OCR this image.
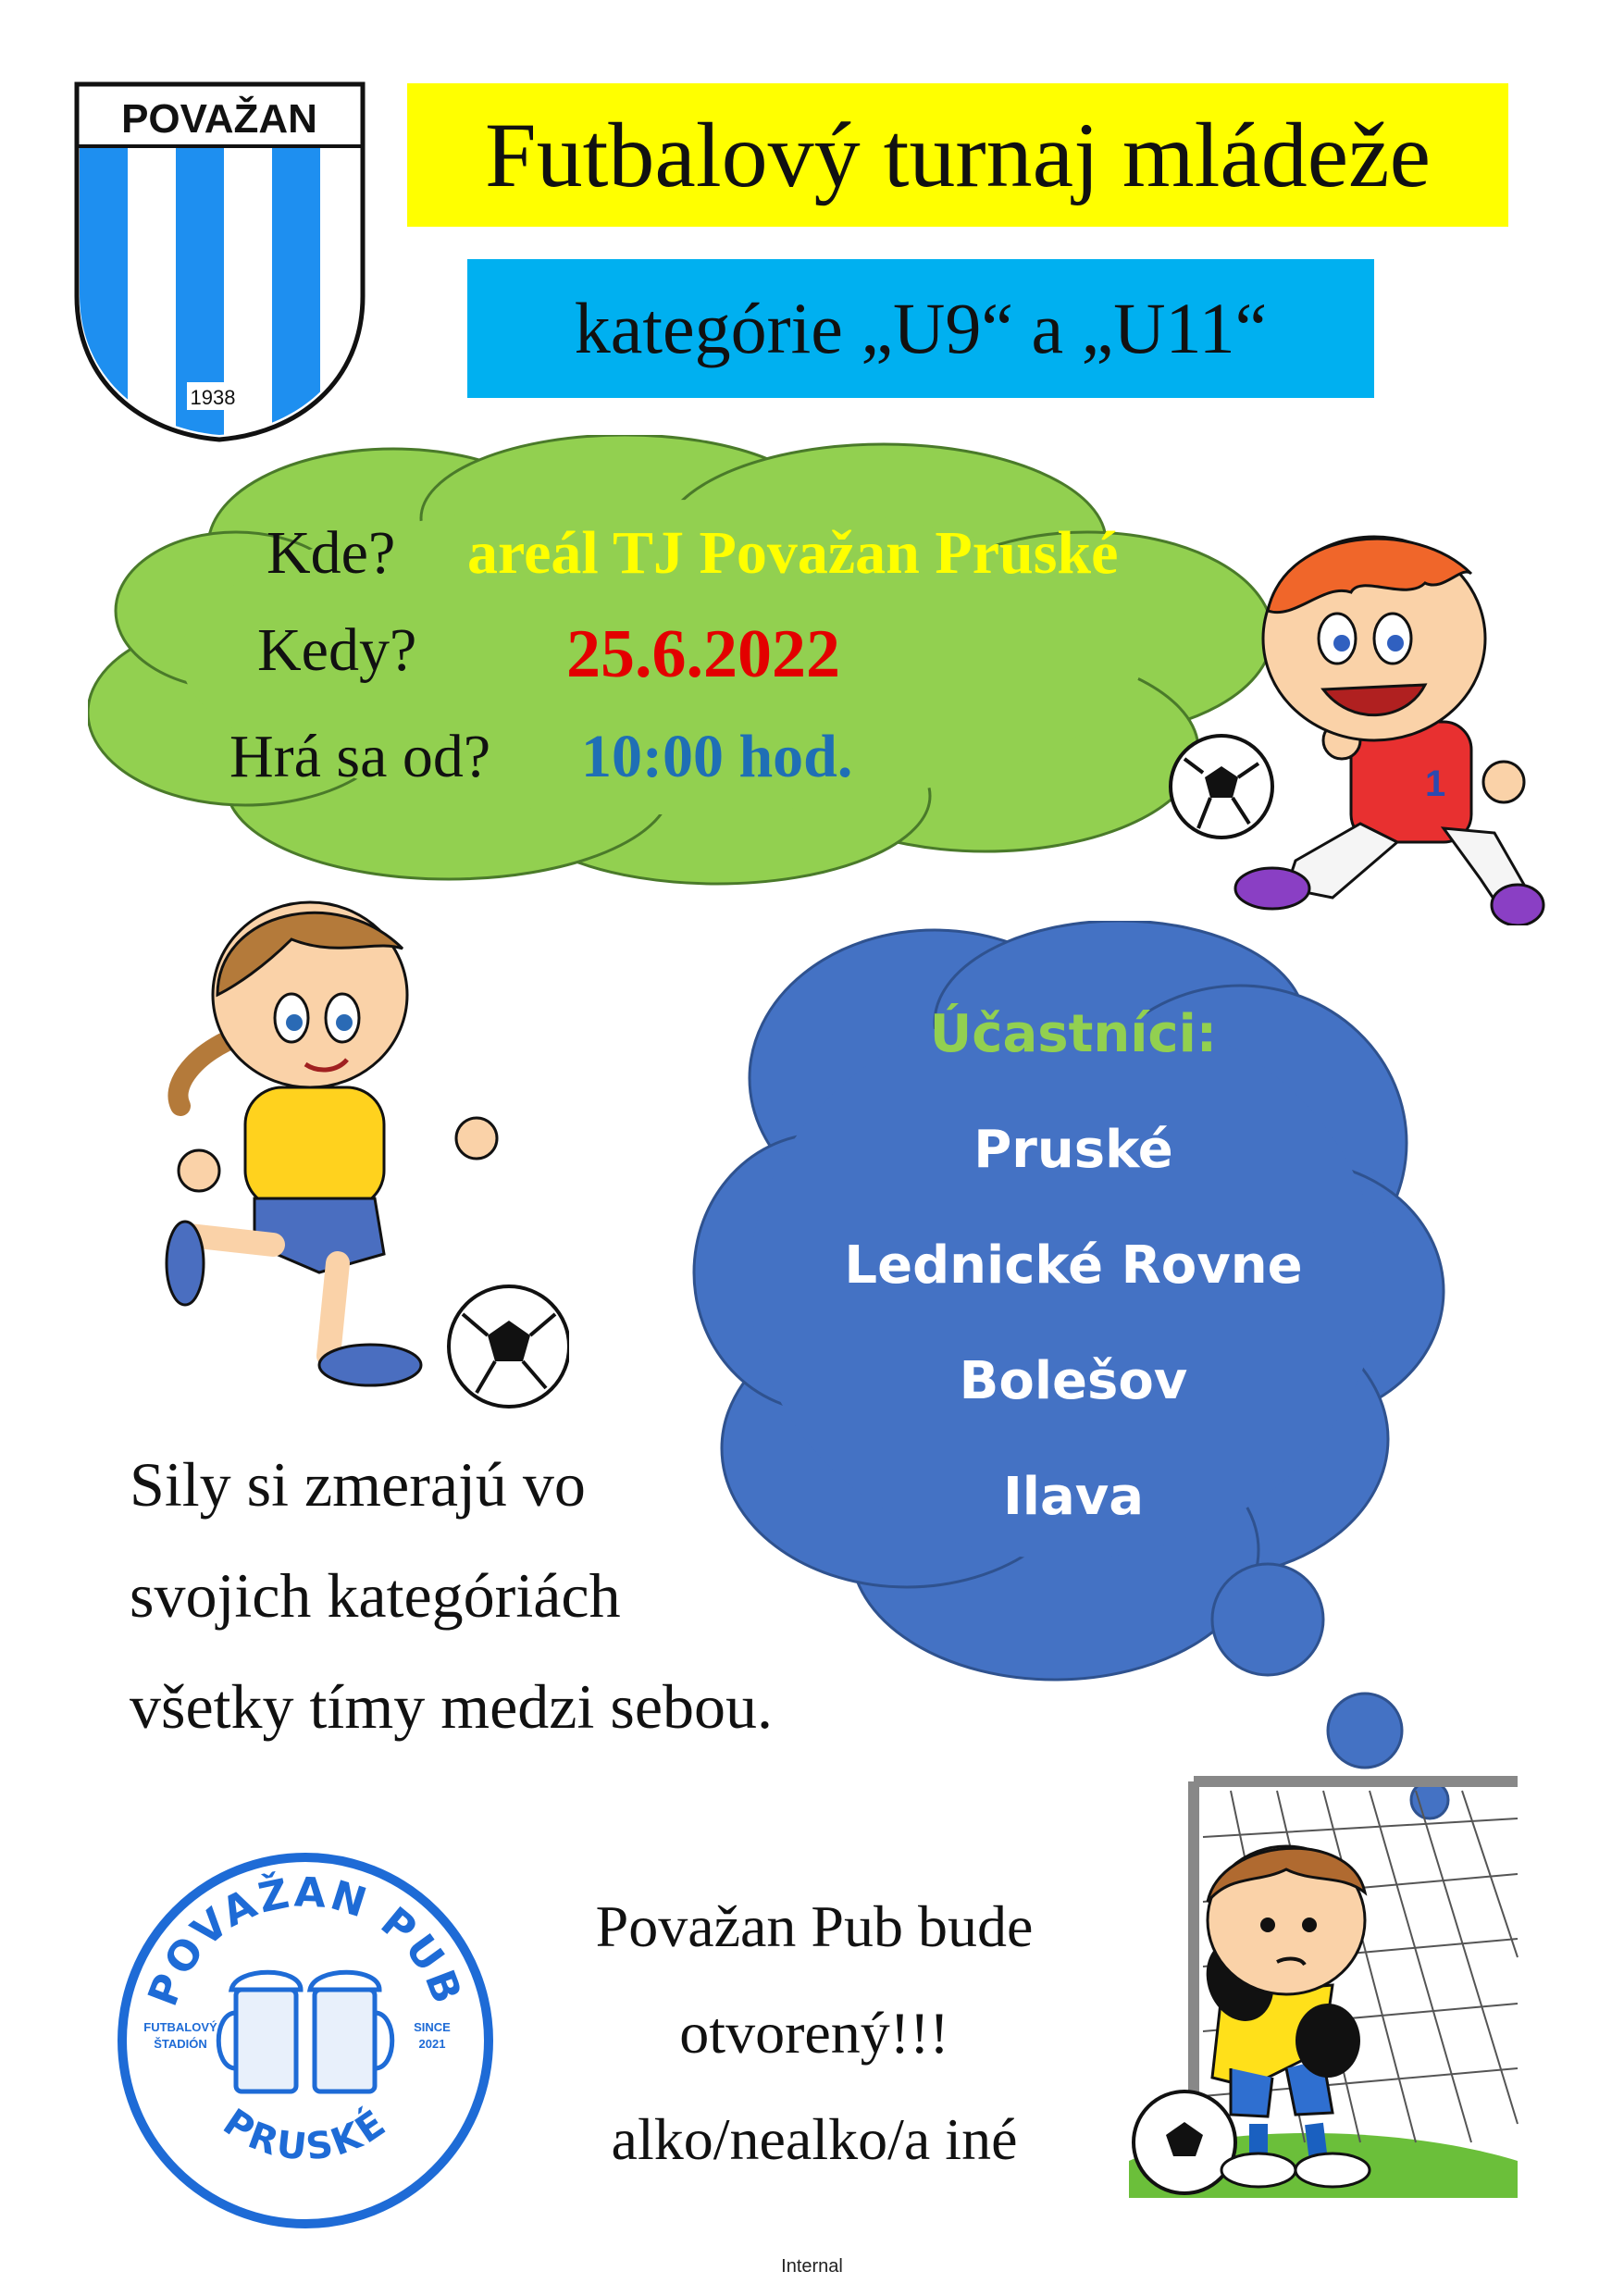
POVAŽAN
1938
Futbalový turnaj mládeže
kategórie „U9“ a „U11“
Kde? areál TJ Považan Pruské
Kedy? 25.6.2022
Hrá sa od? 10:00 hod.	1
Účastníci:
Pruské
Lednické Rovne
Bolešov
Ilava
Sily si zmerajú vo
svojich kategóriách
všetky tímy medzi sebou.
POVAŽAN PUB
PRUSKÉ
FUTBALOVÝ
ŠTADIÓN
SINCE
2021
Považan Pub bude
otvorený!!!
alko/nealko/a iné
Internal
